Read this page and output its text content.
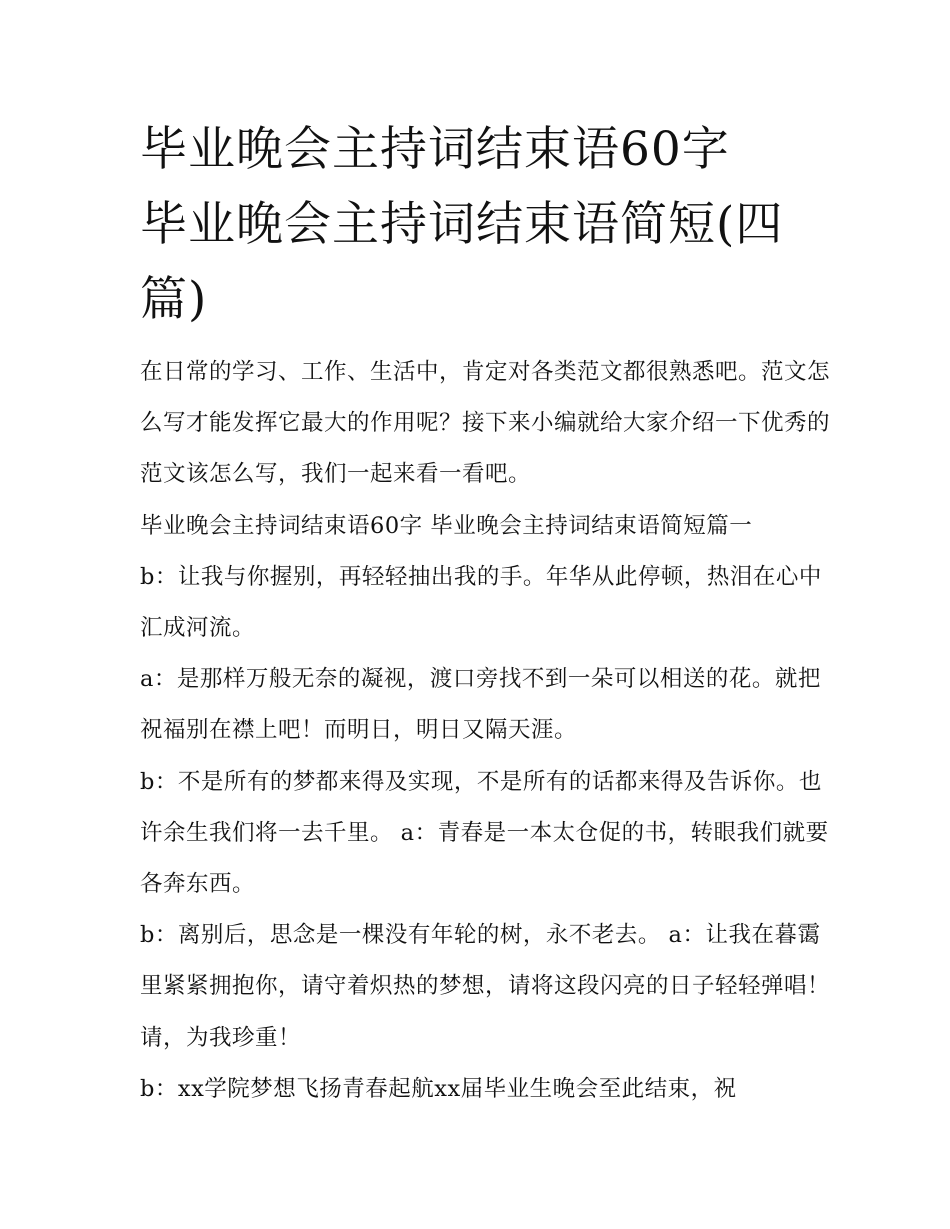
毕业晚会主持词结束语60字
毕业晚会主持词结束语简短(四篇)

在日常的学习、工作、生活中，肯定对各类范文都很熟悉吧。范文怎么写才能发挥它最大的作用呢？接下来小编就给大家介绍一下优秀的范文该怎么写，我们一起来看一看吧。

毕业晚会主持词结束语60字 毕业晚会主持词结束语简短篇一

b：让我与你握别，再轻轻抽出我的手。年华从此停顿，热泪在心中汇成河流。

a：是那样万般无奈的凝视，渡口旁找不到一朵可以相送的花。就把祝福别在襟上吧！而明日，明日又隔天涯。

b：不是所有的梦都来得及实现，不是所有的话都来得及告诉你。也许余生我们将一去千里。 a：青春是一本太仓促的书，转眼我们就要各奔东西。

b：离别后，思念是一棵没有年轮的树，永不老去。 a：让我在暮霭里紧紧拥抱你，请守着炽热的梦想，请将这段闪亮的日子轻轻弹唱！请，为我珍重！

b：xx学院梦想飞扬青春起航xx届毕业生晚会至此结束，祝
